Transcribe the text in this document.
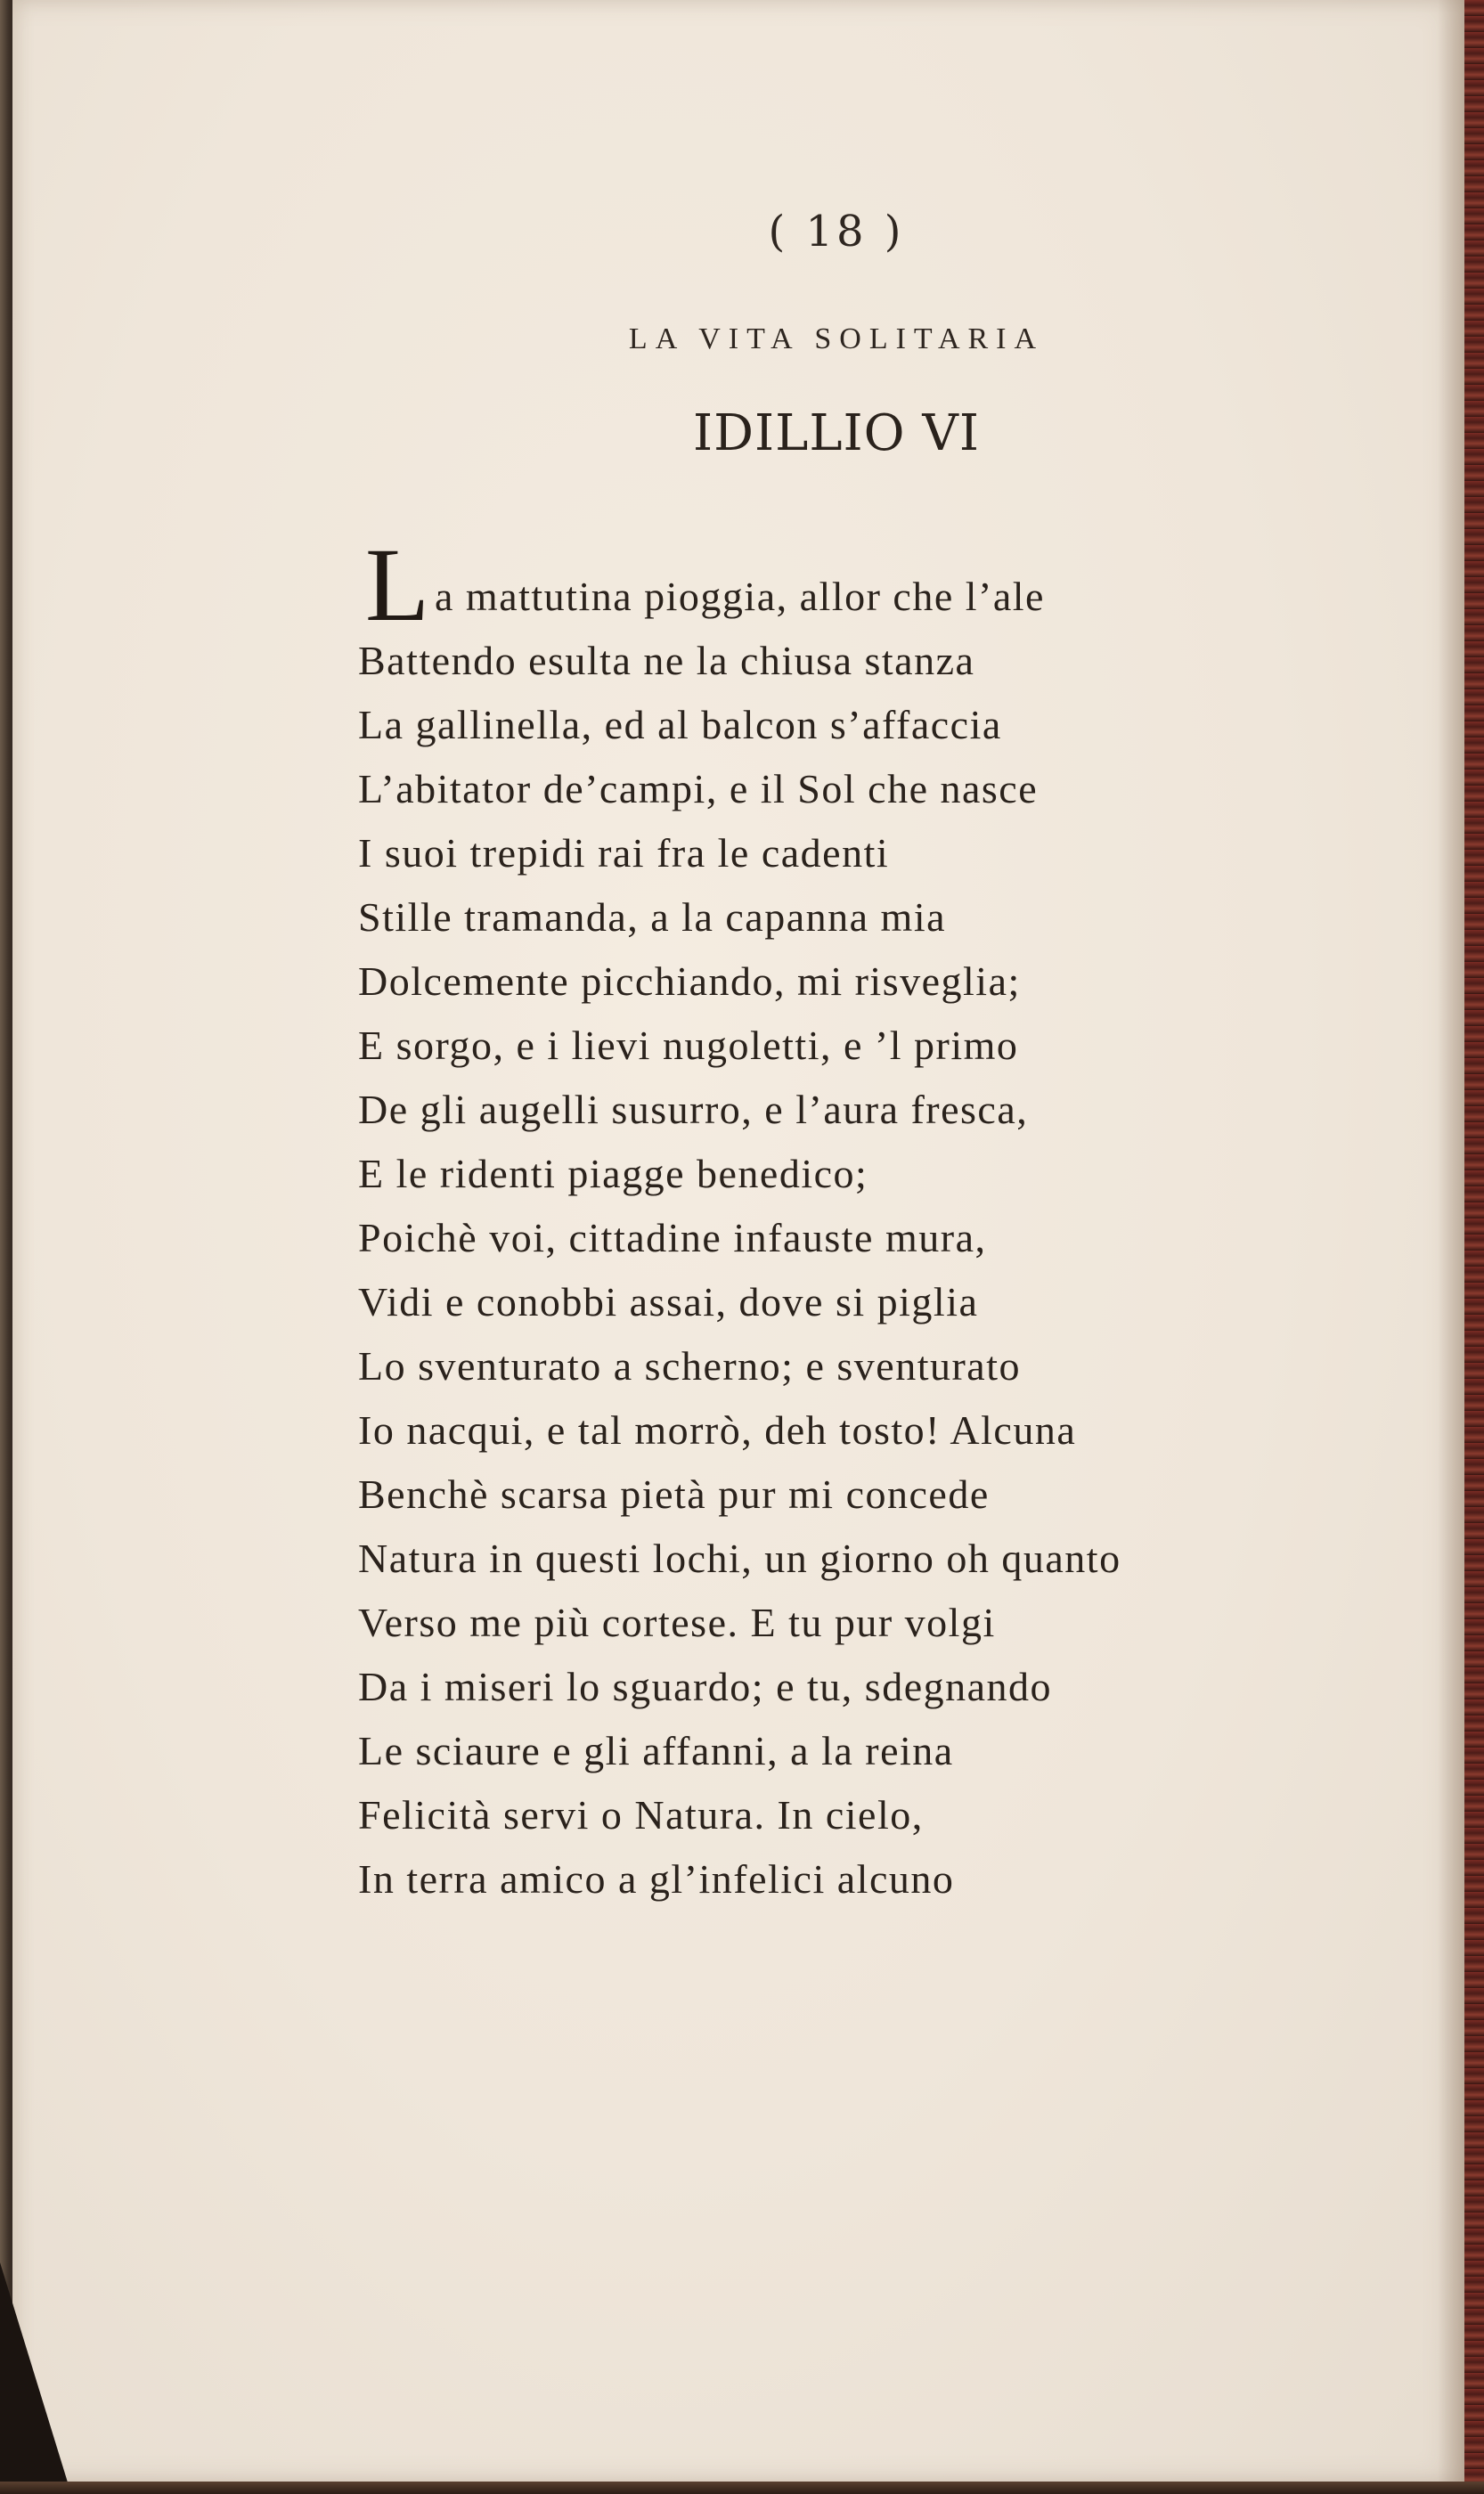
( 18 )
LA VITA SOLITARIA
IDILLIO VI
L a mattutina pioggia, allor che l’ale
Battendo esulta ne la chiusa stanza
La gallinella, ed al balcon s’affaccia
L’abitator de’campi, e il Sol che nasce
I suoi trepidi rai fra le cadenti
Stille tramanda, a la capanna mia
Dolcemente picchiando, mi risveglia;
E sorgo, e i lievi nugoletti, e ’l primo
De gli augelli susurro, e l’aura fresca,
E le ridenti piagge benedico;
Poichè voi, cittadine infauste mura,
Vidi e conobbi assai, dove si piglia
Lo sventurato a scherno; e sventurato
Io nacqui, e tal morrò, deh tosto! Alcuna
Benchè scarsa pietà pur mi concede
Natura in questi lochi, un giorno oh quanto
Verso me più cortese. E tu pur volgi
Da i miseri lo sguardo; e tu, sdegnando
Le sciaure e gli affanni, a la reina
Felicità servi o Natura. In cielo,
In terra amico a gl’infelici alcuno
